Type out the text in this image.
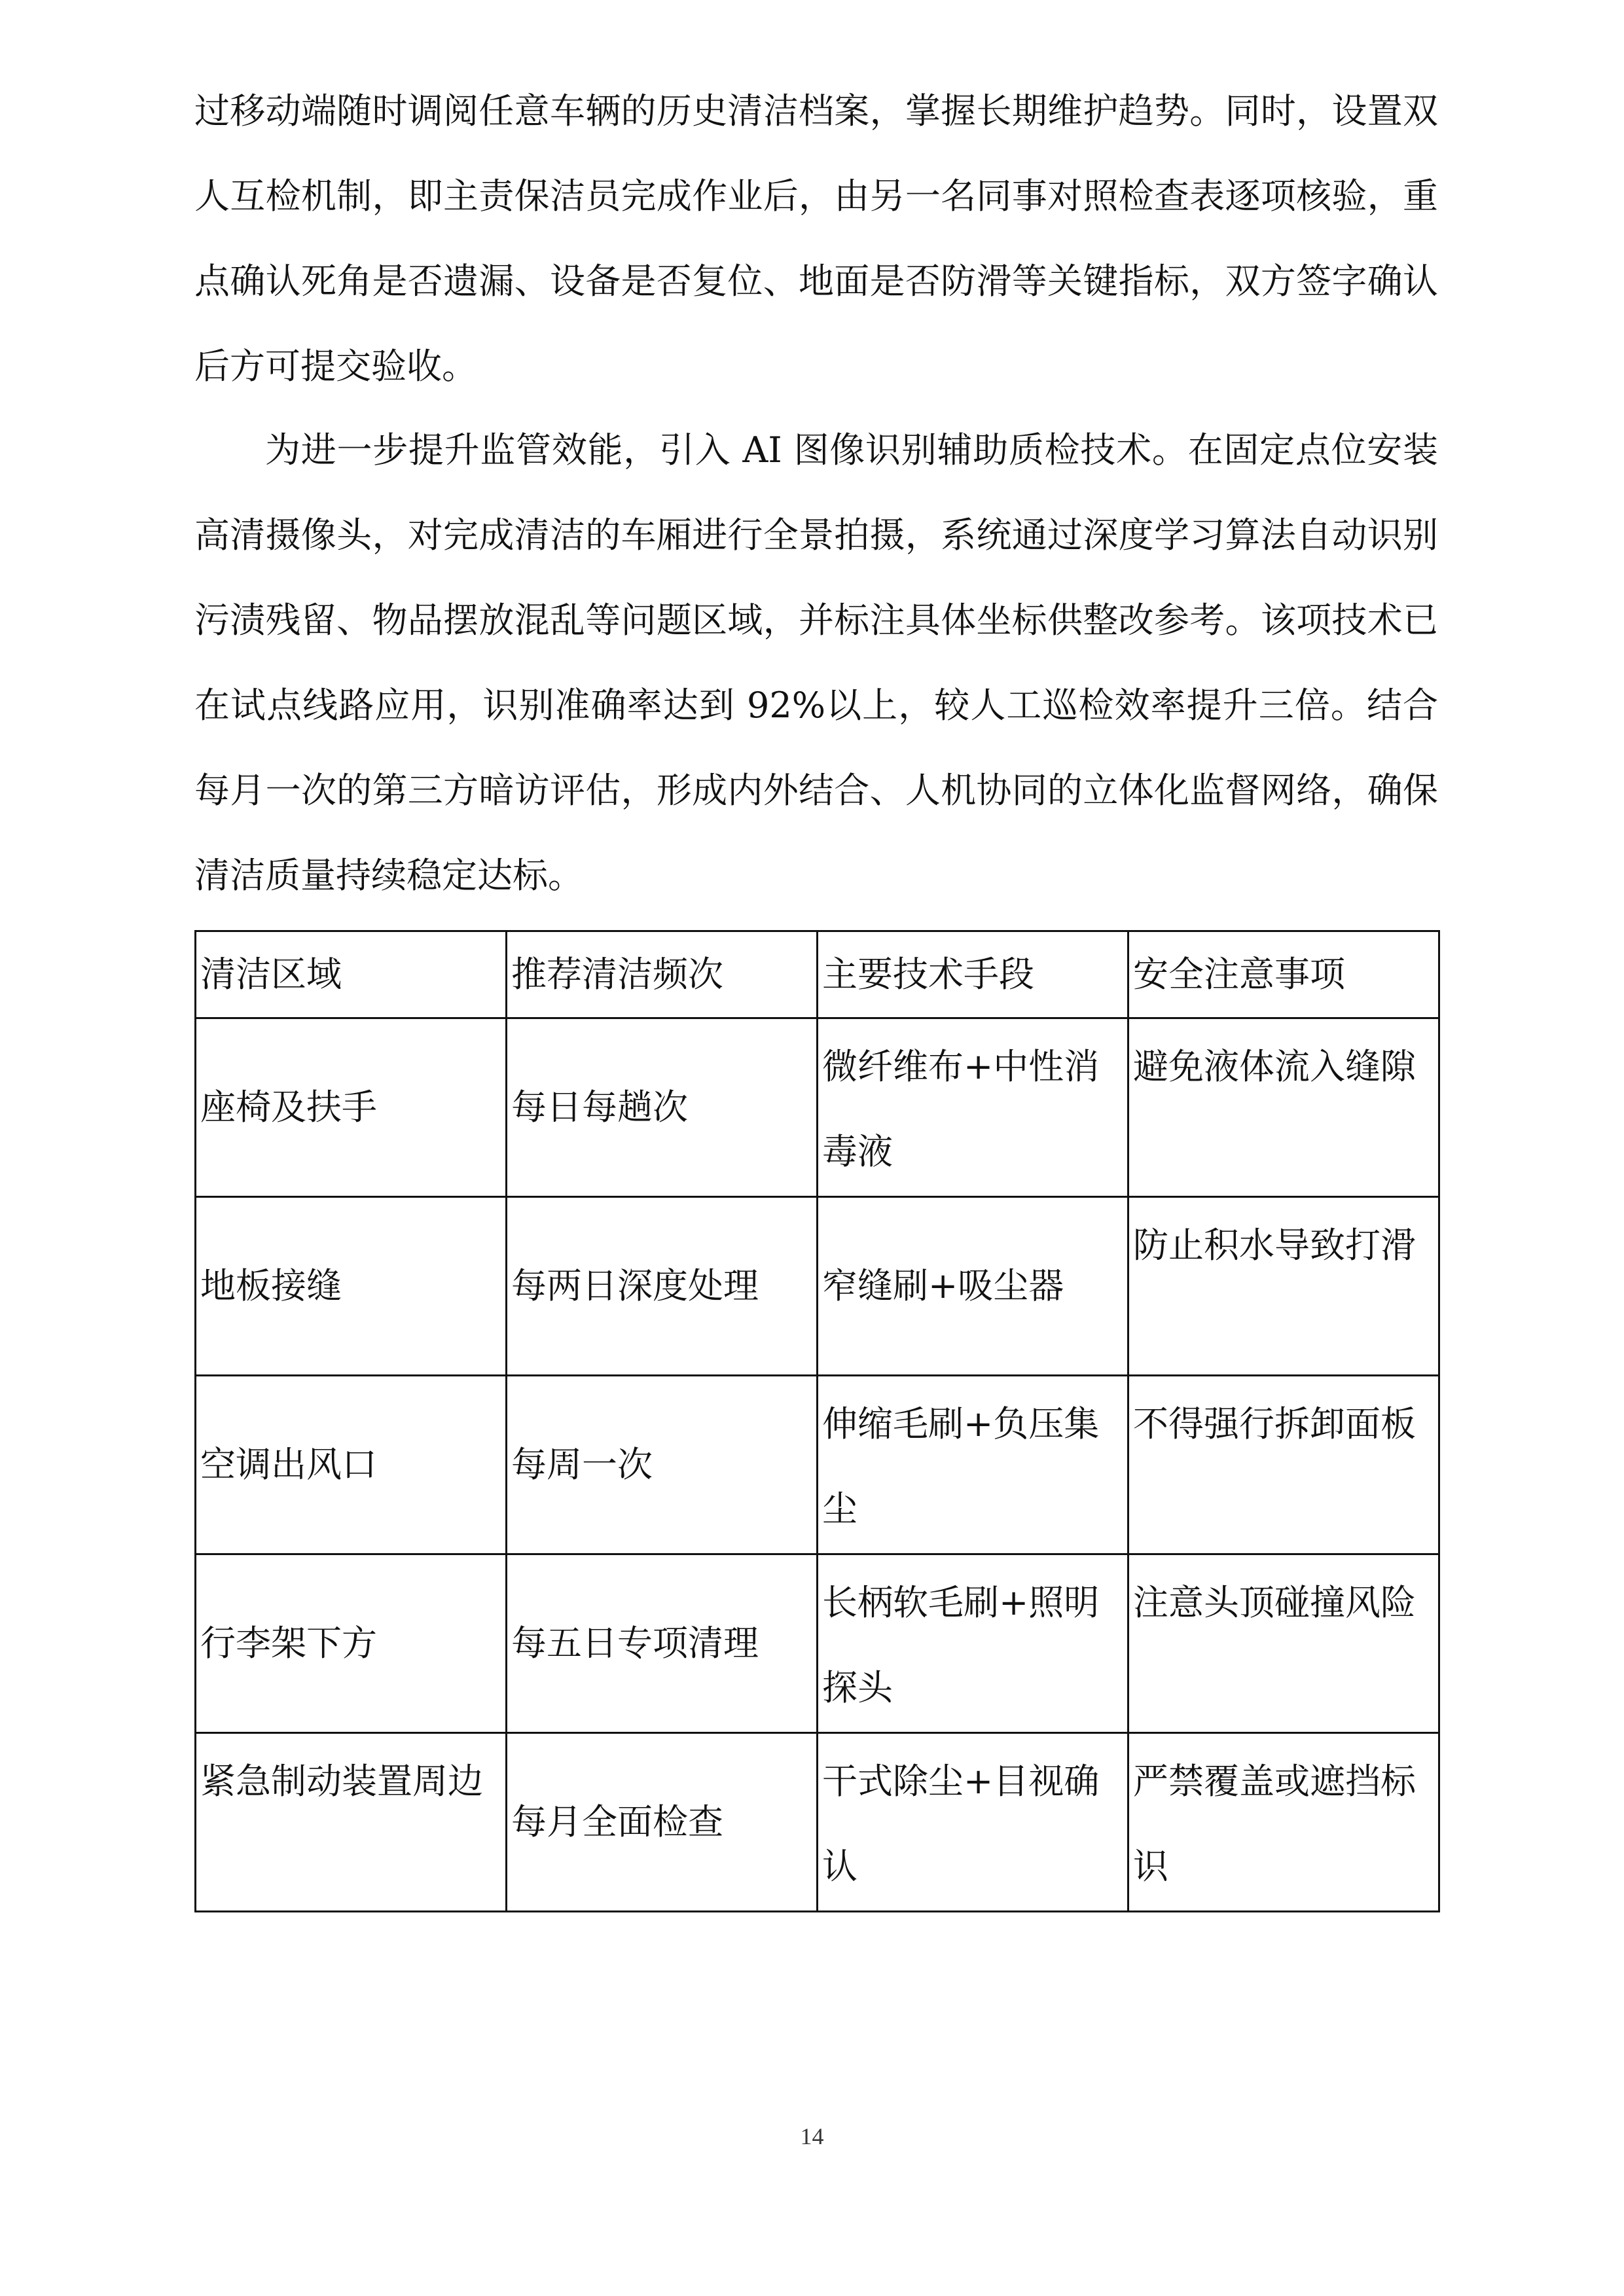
过移动端随时调阅任意车辆的历史清洁档案，掌握长期维护趋势。同时，设置双人互检机制，即主责保洁员完成作业后，由另一名同事对照检查表逐项核验，重点确认死角是否遗漏、设备是否复位、地面是否防滑等关键指标，双方签字确认后方可提交验收。

为进一步提升监管效能，引入 AI 图像识别辅助质检技术。在固定点位安装高清摄像头，对完成清洁的车厢进行全景拍摄，系统通过深度学习算法自动识别污渍残留、物品摆放混乱等问题区域，并标注具体坐标供整改参考。该项技术已在试点线路应用，识别准确率达到 92%以上，较人工巡检效率提升三倍。结合每月一次的第三方暗访评估，形成内外结合、人机协同的立体化监督网络，确保清洁质量持续稳定达标。

清洁区域	推荐清洁频次	主要技术手段	安全注意事项
座椅及扶手	每日每趟次	微纤维布+中性消毒液	避免液体流入缝隙
地板接缝	每两日深度处理	窄缝刷+吸尘器	防止积水导致打滑
空调出风口	每周一次	伸缩毛刷+负压集尘	不得强行拆卸面板
行李架下方	每五日专项清理	长柄软毛刷+照明探头	注意头顶碰撞风险
紧急制动装置周边	每月全面检查	干式除尘+目视确认	严禁覆盖或遮挡标识
14
